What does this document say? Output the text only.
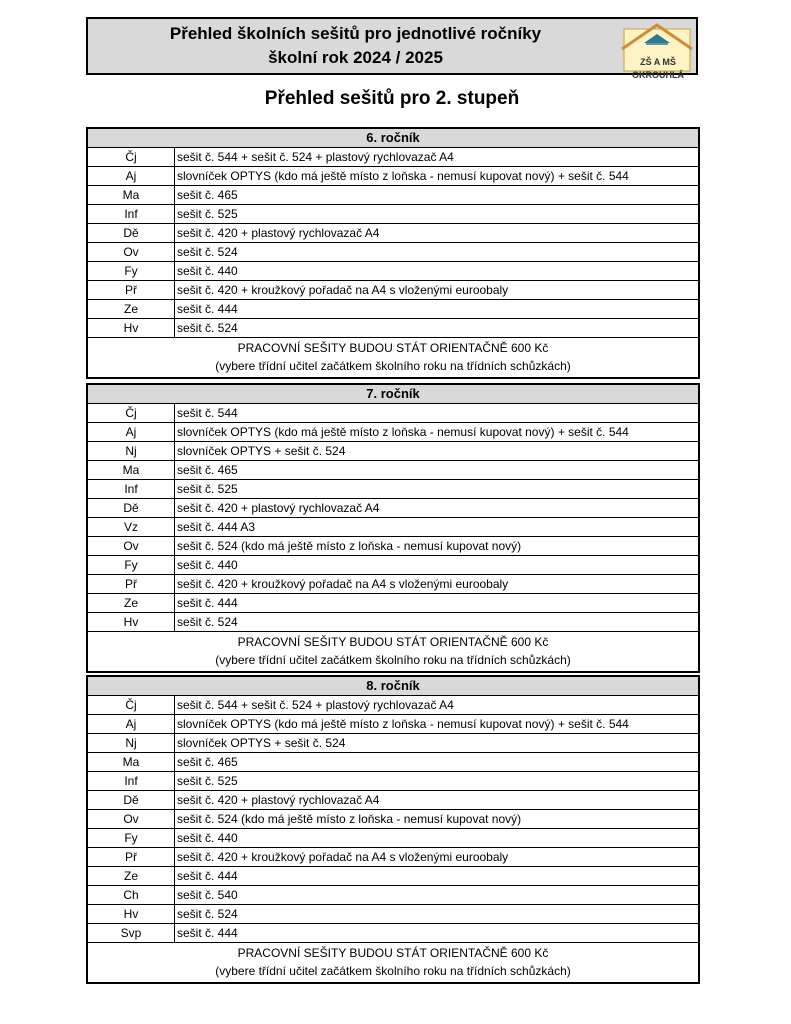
Přehled školních sešitů pro jednotlivé ročníky
školní rok 2024 / 2025	ZŠ A MŠ OKROUHLÁ
Přehled sešitů pro 2. stupeň
6. ročník
Čj	sešit č. 544 + sešit č. 524 + plastový rychlovazač A4
Aj	slovníček OPTYS (kdo má ještě místo z loňska - nemusí kupovat nový) + sešit č. 544
Ma	sešit č. 465
Inf	sešit č. 525
Dě	sešit č. 420 + plastový rychlovazač A4
Ov	sešit č. 524
Fy	sešit č. 440
Př	sešit č. 420 + kroužkový pořadač na A4 s vloženými euroobaly
Ze	sešit č. 444
Hv	sešit č. 524
PRACOVNÍ SEŠITY BUDOU STÁT ORIENTAČNĚ 600 Kč
(vybere třídní učitel začátkem školního roku na třídních schůzkách)
7. ročník
Čj	sešit č. 544
Aj	slovníček OPTYS (kdo má ještě místo z loňska - nemusí kupovat nový) + sešit č. 544
Nj	slovníček OPTYS + sešit č. 524
Ma	sešit č. 465
Inf	sešit č. 525
Dě	sešit č. 420 + plastový rychlovazač A4
Vz	sešit č. 444 A3
Ov	sešit č. 524 (kdo má ještě místo z loňska - nemusí kupovat nový)
Fy	sešit č. 440
Př	sešit č. 420 + kroužkový pořadač na A4 s vloženými euroobaly
Ze	sešit č. 444
Hv	sešit č. 524
PRACOVNÍ SEŠITY BUDOU STÁT ORIENTAČNĚ 600 Kč
(vybere třídní učitel začátkem školního roku na třídních schůzkách)
8. ročník
Čj	sešit č. 544 + sešit č. 524 + plastový rychlovazač A4
Aj	slovníček OPTYS (kdo má ještě místo z loňska - nemusí kupovat nový) + sešit č. 544
Nj	slovníček OPTYS + sešit č. 524
Ma	sešit č. 465
Inf	sešit č. 525
Dě	sešit č. 420 + plastový rychlovazač A4
Ov	sešit č. 524 (kdo má ještě místo z loňska - nemusí kupovat nový)
Fy	sešit č. 440
Př	sešit č. 420 + kroužkový pořadač na A4 s vloženými euroobaly
Ze	sešit č. 444
Ch	sešit č. 540
Hv	sešit č. 524
Svp	sešit č. 444
PRACOVNÍ SEŠITY BUDOU STÁT ORIENTAČNĚ 600 Kč
(vybere třídní učitel začátkem školního roku na třídních schůzkách)
